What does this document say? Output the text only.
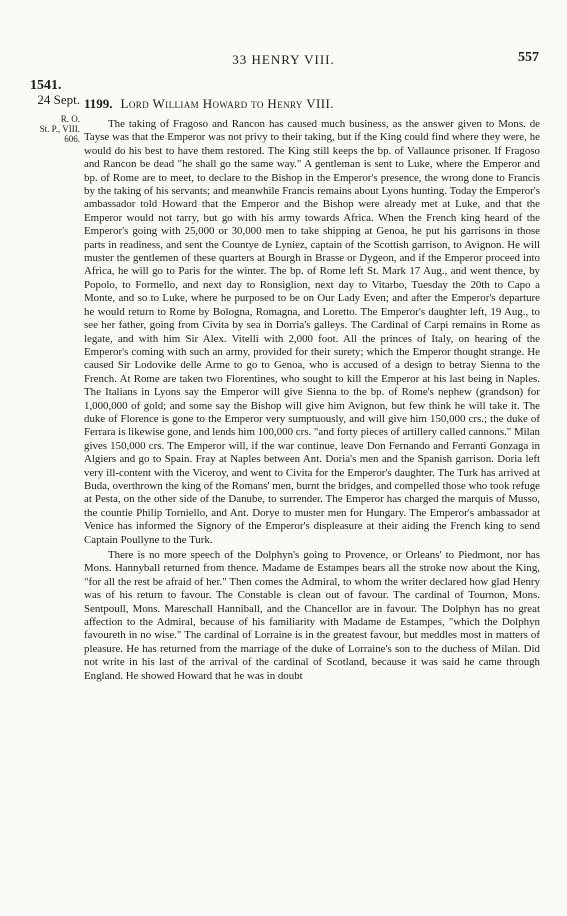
33 HENRY VIII.	557
1541.
24 Sept.
R. O.
St. P., VIII.
606.
1199. Lord William Howard to Henry VIII.

The taking of Fragoso and Rancon has caused much business, as the answer given to Mons. de Tayse was that the Emperor was not privy to their taking, but if the King could find where they were, he would do his best to have them restored. The King still keeps the bp. of Vallaunce prisoner. If Fragoso and Rancon be dead "he shall go the same way." A gentleman is sent to Luke, where the Emperor and bp. of Rome are to meet, to declare to the Bishop in the Emperor's presence, the wrong done to Francis by the taking of his servants; and meanwhile Francis remains about Lyons hunting. Today the Emperor's ambassador told Howard that the Emperor and the Bishop were already met at Luke, and that the Emperor would not tarry, but go with his army towards Africa. When the French king heard of the Emperor's going with 25,000 or 30,000 men to take shipping at Genoa, he put his garrisons in those parts in readiness, and sent the Countye de Lyniez, captain of the Scottish garrison, to Avignon. He will muster the gentlemen of these quarters at Bourgh in Brasse or Dygeon, and if the Emperor proceed into Africa, he will go to Paris for the winter. The bp. of Rome left St. Mark 17 Aug., and went thence, by Popolo, to Formello, and next day to Ronsiglion, next day to Vitarbo, Tuesday the 20th to Capo a Monte, and so to Luke, where he purposed to be on Our Lady Even; and after the Emperor's departure he would return to Rome by Bologna, Romagna, and Loretto. The Emperor's daughter left, 19 Aug., to see her father, going from Civita by sea in Dorria's galleys. The Cardinal of Carpi remains in Rome as legate, and with him Sir Alex. Vitelli with 2,000 foot. All the princes of Italy, on hearing of the Emperor's coming with such an army, provided for their surety; which the Emperor thought strange. He caused Sir Lodovike delle Arme to go to Genoa, who is accused of a design to betray Sienna to the French. At Rome are taken two Florentines, who sought to kill the Emperor at his last being in Naples. The Italians in Lyons say the Emperor will give Sienna to the bp. of Rome's nephew (grandson) for 1,000,000 of gold; and some say the Bishop will give him Avignon, but few think he will take it. The duke of Florence is gone to the Emperor very sumptuously, and will give him 150,000 crs.; the duke of Ferrara is likewise gone, and lends him 100,000 crs. "and forty pieces of artillery called cannons." Milan gives 150,000 crs. The Emperor will, if the war continue, leave Don Fernando and Ferranti Gonzaga in Algiers and go to Spain. Fray at Naples between Ant. Doria's men and the Spanish garrison. Doria left very ill-content with the Viceroy, and went to Civita for the Emperor's daughter. The Turk has arrived at Buda, overthrown the king of the Romans' men, burnt the bridges, and compelled those who took refuge at Pesta, on the other side of the Danube, to surrender. The Emperor has charged the marquis of Musso, the countie Philip Torniello, and Ant. Dorye to muster men for Hungary. The Emperor's ambassador at Venice has informed the Signory of the Emperor's displeasure at their aiding the French king to send Captain Poullyne to the Turk.

There is no more speech of the Dolphyn's going to Provence, or Orleans' to Piedmont, nor has Mons. Hannyball returned from thence. Madame de Estampes bears all the stroke now about the King, "for all the rest be afraid of her." Then comes the Admiral, to whom the writer declared how glad Henry was of his return to favour. The Constable is clean out of favour. The cardinal of Tournon, Mons. Sentpoull, Mons. Mareschall Hanniball, and the Chancellor are in favour. The Dolphyn has no great affection to the Admiral, because of his familiarity with Madame de Estampes, "which the Dolphyn favoureth in no wise." The cardinal of Lorraine is in the greatest favour, but meddles most in matters of pleasure. He has returned from the marriage of the duke of Lorraine's son to the duchess of Milan. Did not write in his last of the arrival of the cardinal of Scotland, because it was said he came through England. He showed Howard that he was in doubt
